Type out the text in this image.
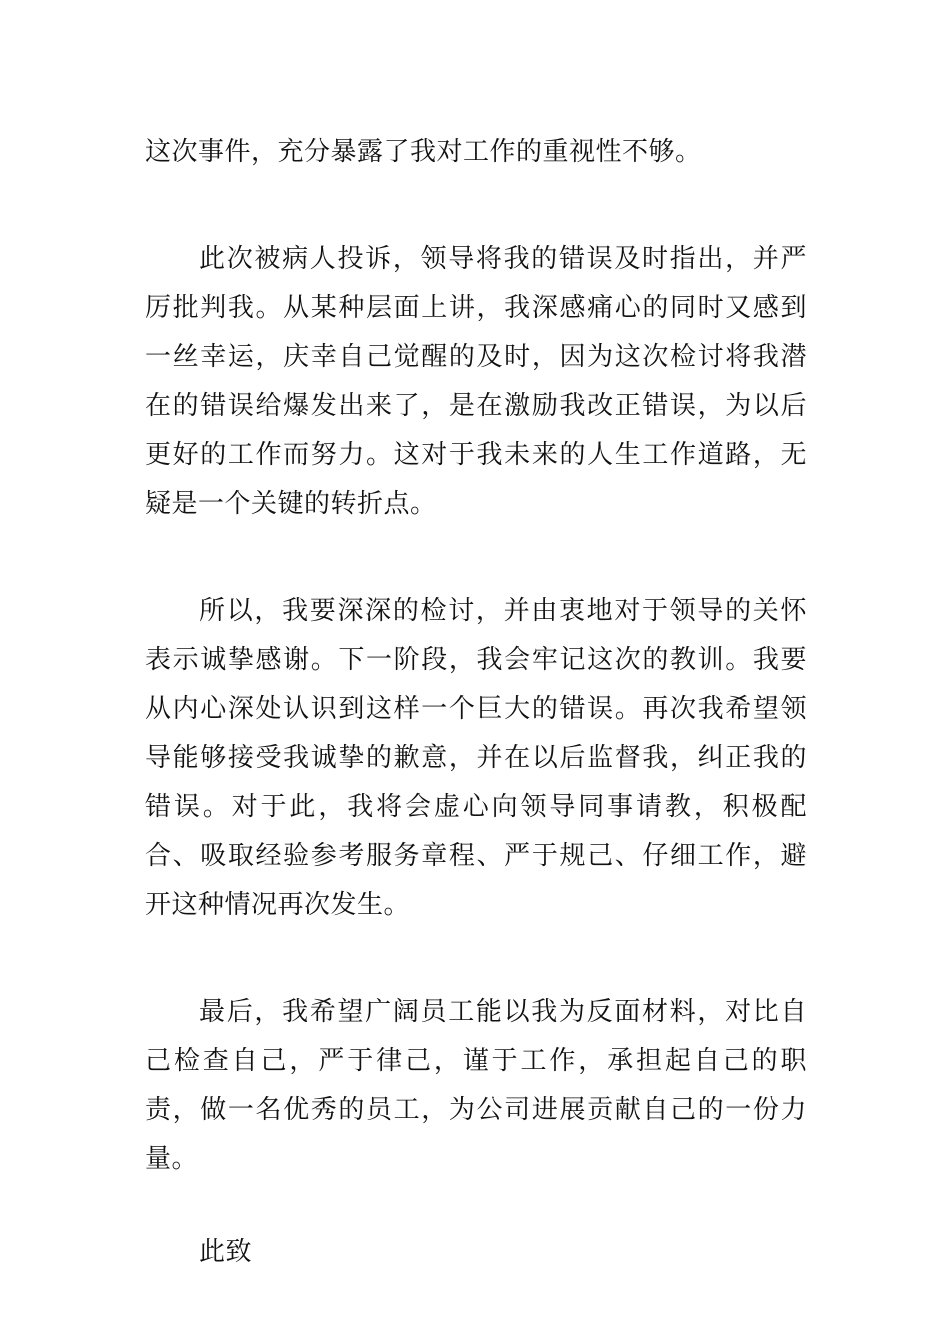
这次事件，充分暴露了我对工作的重视性不够。

此次被病人投诉，领导将我的错误及时指出，并严厉批判我。从某种层面上讲，我深感痛心的同时又感到一丝幸运，庆幸自己觉醒的及时，因为这次检讨将我潜在的错误给爆发出来了，是在激励我改正错误，为以后更好的工作而努力。这对于我未来的人生工作道路，无疑是一个关键的转折点。

所以，我要深深的检讨，并由衷地对于领导的关怀表示诚挚感谢。下一阶段，我会牢记这次的教训。我要从内心深处认识到这样一个巨大的错误。再次我希望领导能够接受我诚挚的歉意，并在以后监督我，纠正我的错误。对于此，我将会虚心向领导同事请教，积极配合、吸取经验参考服务章程、严于规己、仔细工作，避开这种情况再次发生。

最后，我希望广阔员工能以我为反面材料，对比自己检查自己，严于律己，谨于工作，承担起自己的职责，做一名优秀的员工，为公司进展贡献自己的一份力量。

此致
